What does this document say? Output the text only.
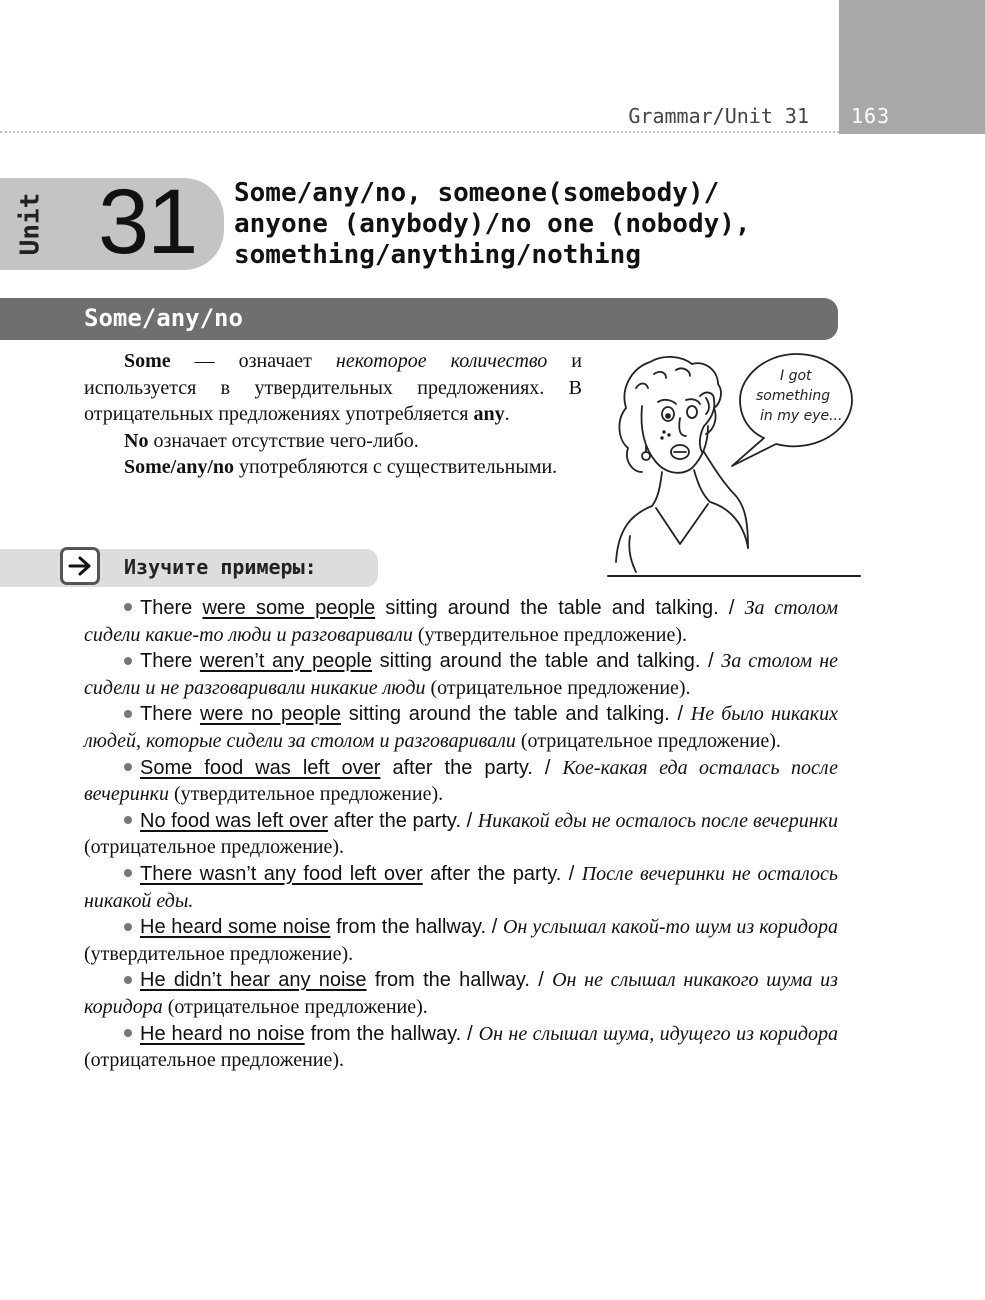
163
Grammar/Unit 31
Unit 31 Some/any/no, someone(somebody)/
anyone (anybody)/no one (nobody),
something/anything/nothing
Some/any/no

Some — означает некоторое количество и используется в утвердительных предложениях. В отрицательных предложениях употребляется any.

No означает отсутствие чего-либо.

Some/any/no употребляются с существительными.

I got
something
in my eye...
Изучите примеры:

There were some people sitting around the table and talking. / За столом сидели какие-то люди и разговаривали (утвердительное предложение).

There weren’t any people sitting around the table and talking. / За столом не сидели и не разговаривали никакие люди (отрицательное предложение).

There were no people sitting around the table and talking. / Не было никаких людей, которые сидели за столом и разговаривали (отрицательное предложение).

Some food was left over after the party. / Кое-какая еда осталась после вечеринки (утвердительное предложение).

No food was left over after the party. / Никакой еды не осталось после вечеринки (отрицательное предложение).

There wasn’t any food left over after the party. / После вечеринки не осталось никакой еды.

He heard some noise from the hallway. / Он услышал какой-то шум из коридора (утвердительное предложение).

He didn’t hear any noise from the hallway. / Он не слышал никакого шума из коридора (отрицательное предложение).

He heard no noise from the hallway. / Он не слышал шума, идущего из коридора (отрицательное предложение).
